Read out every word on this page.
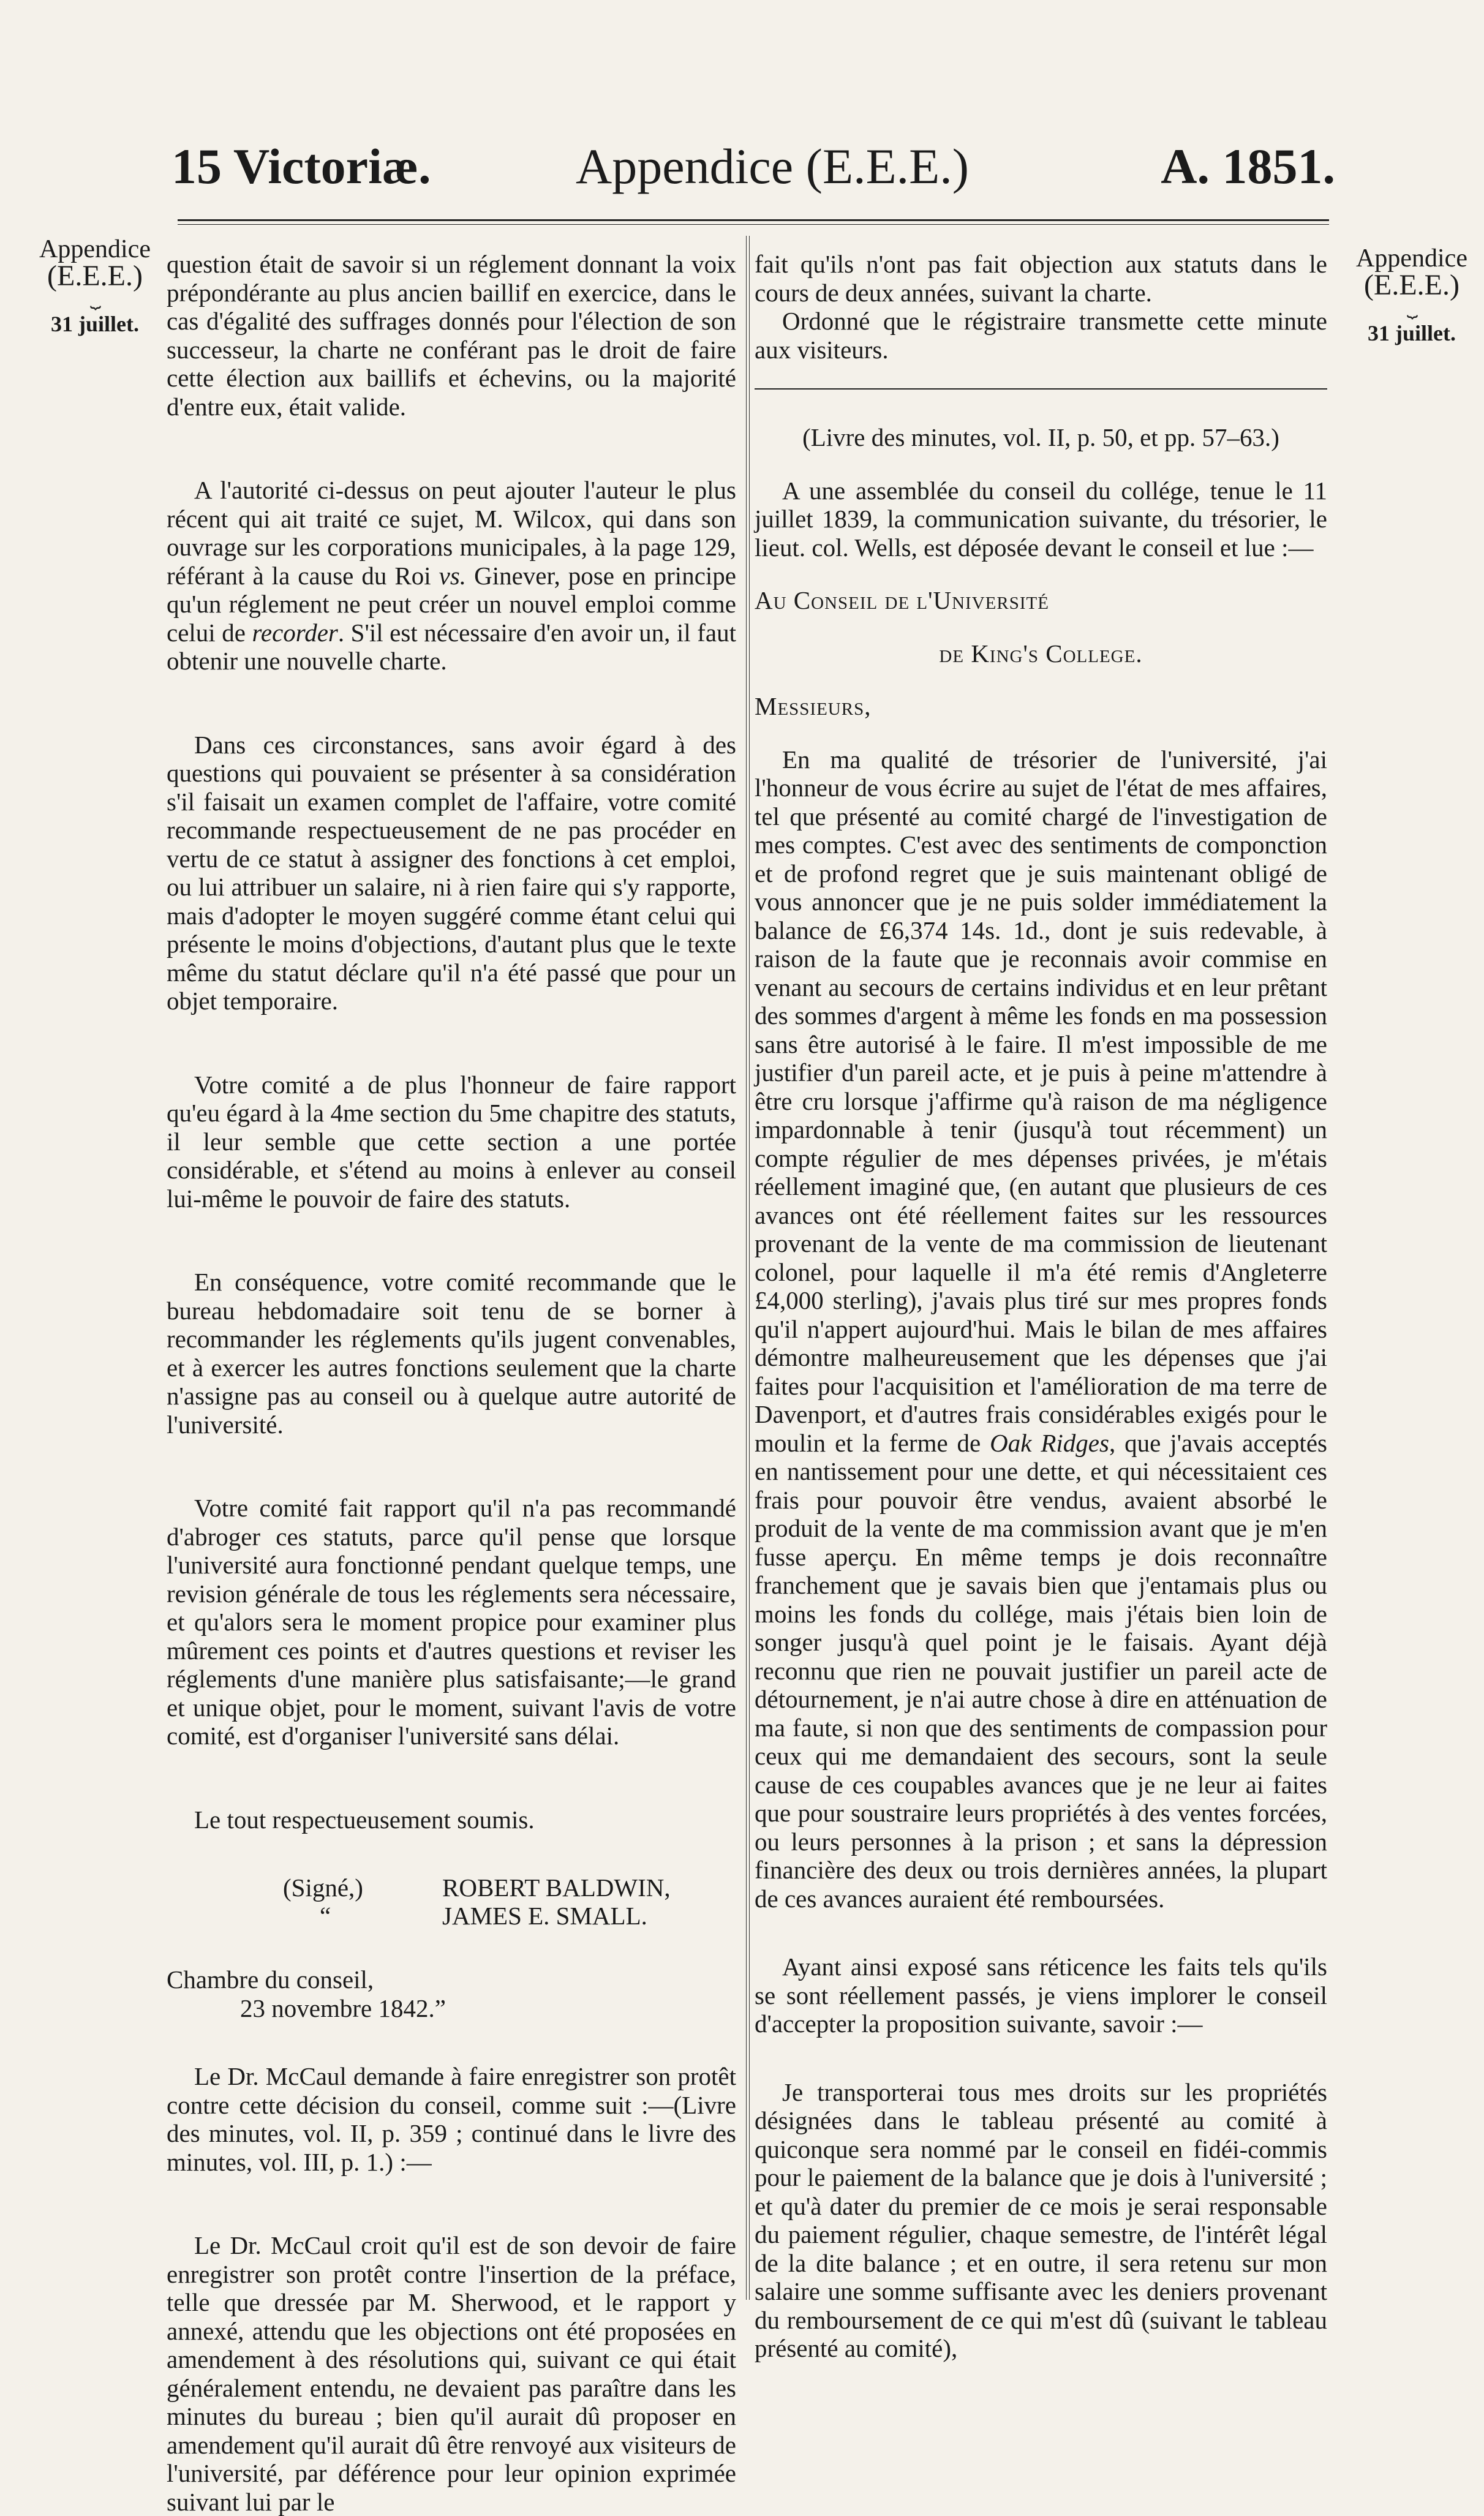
15 Victoriæ.	Appendice (E.E.E.)	A. 1851.
Appendice
(E.E.E.)
⏟
31 juillet.
Appendice
(E.E.E.)
⏟
31 juillet.

question était de savoir si un réglement donnant la voix prépondérante au plus ancien baillif en exercice, dans le cas d'égalité des suffrages donnés pour l'élection de son successeur, la charte ne conférant pas le droit de faire cette élection aux baillifs et échevins, ou la majorité d'entre eux, était valide.

A l'autorité ci-dessus on peut ajouter l'auteur le plus récent qui ait traité ce sujet, M. Wilcox, qui dans son ouvrage sur les corporations municipales, à la page 129, référant à la cause du Roi vs. Ginever, pose en principe qu'un réglement ne peut créer un nouvel emploi comme celui de recorder. S'il est nécessaire d'en avoir un, il faut obtenir une nouvelle charte.

Dans ces circonstances, sans avoir égard à des questions qui pouvaient se présenter à sa considération s'il faisait un examen complet de l'affaire, votre comité recommande respectueusement de ne pas procéder en vertu de ce statut à assigner des fonctions à cet emploi, ou lui attribuer un salaire, ni à rien faire qui s'y rapporte, mais d'adopter le moyen suggéré comme étant celui qui présente le moins d'objections, d'autant plus que le texte même du statut déclare qu'il n'a été passé que pour un objet temporaire.

Votre comité a de plus l'honneur de faire rapport qu'eu égard à la 4me section du 5me chapitre des statuts, il leur semble que cette section a une portée considérable, et s'étend au moins à enlever au conseil lui-même le pouvoir de faire des statuts.

En conséquence, votre comité recommande que le bureau hebdomadaire soit tenu de se borner à recommander les réglements qu'ils jugent convenables, et à exercer les autres fonctions seulement que la charte n'assigne pas au conseil ou à quelque autre autorité de l'université.

Votre comité fait rapport qu'il n'a pas recommandé d'abroger ces statuts, parce qu'il pense que lorsque l'université aura fonctionné pendant quelque temps, une revision générale de tous les réglements sera nécessaire, et qu'alors sera le moment propice pour examiner plus mûrement ces points et d'autres questions et reviser les réglements d'une manière plus satisfaisante;—le grand et unique objet, pour le moment, suivant l'avis de votre comité, est d'organiser l'université sans délai.

Le tout respectueusement soumis.

(Signé,)
“
ROBERT BALDWIN,
JAMES E. SMALL.

Chambre du conseil,

23 novembre 1842.”

Le Dr. McCaul demande à faire enregistrer son protêt contre cette décision du conseil, comme suit :—(Livre des minutes, vol. II, p. 359 ; continué dans le livre des minutes, vol. III, p. 1.) :—

Le Dr. McCaul croit qu'il est de son devoir de faire enregistrer son protêt contre l'insertion de la préface, telle que dressée par M. Sherwood, et le rapport y annexé, attendu que les objections ont été proposées en amendement à des résolutions qui, suivant ce qui était généralement entendu, ne devaient pas paraître dans les minutes du bureau ; bien qu'il aurait dû proposer en amendement qu'il aurait dû être renvoyé aux visiteurs de l'université, par déférence pour leur opinion exprimée suivant lui par le

fait qu'ils n'ont pas fait objection aux statuts dans le cours de deux années, suivant la charte.

Ordonné que le régistraire transmette cette minute aux visiteurs.

(Livre des minutes, vol. II, p. 50, et pp. 57–63.)

A une assemblée du conseil du collége, tenue le 11 juillet 1839, la communication suivante, du trésorier, le lieut. col. Wells, est déposée devant le conseil et lue :—

Au Conseil de l'Université

de King's College.

Messieurs,

En ma qualité de trésorier de l'université, j'ai l'honneur de vous écrire au sujet de l'état de mes affaires, tel que présenté au comité chargé de l'investigation de mes comptes. C'est avec des sentiments de componction et de profond regret que je suis maintenant obligé de vous annoncer que je ne puis solder immédiatement la balance de £6,374 14s. 1d., dont je suis redevable, à raison de la faute que je reconnais avoir commise en venant au secours de certains individus et en leur prêtant des sommes d'argent à même les fonds en ma possession sans être autorisé à le faire. Il m'est impossible de me justifier d'un pareil acte, et je puis à peine m'attendre à être cru lorsque j'affirme qu'à raison de ma négligence impardonnable à tenir (jusqu'à tout récemment) un compte régulier de mes dépenses privées, je m'étais réellement imaginé que, (en autant que plusieurs de ces avances ont été réellement faites sur les ressources provenant de la vente de ma commission de lieutenant colonel, pour laquelle il m'a été remis d'Angleterre £4,000 sterling), j'avais plus tiré sur mes propres fonds qu'il n'appert aujourd'hui. Mais le bilan de mes affaires démontre malheureusement que les dépenses que j'ai faites pour l'acquisition et l'amélioration de ma terre de Davenport, et d'autres frais considérables exigés pour le moulin et la ferme de Oak Ridges, que j'avais acceptés en nantissement pour une dette, et qui nécessitaient ces frais pour pouvoir être vendus, avaient absorbé le produit de la vente de ma commission avant que je m'en fusse aperçu. En même temps je dois reconnaître franchement que je savais bien que j'entamais plus ou moins les fonds du collége, mais j'étais bien loin de songer jusqu'à quel point je le faisais. Ayant déjà reconnu que rien ne pouvait justifier un pareil acte de détournement, je n'ai autre chose à dire en atténuation de ma faute, si non que des sentiments de compassion pour ceux qui me demandaient des secours, sont la seule cause de ces coupables avances que je ne leur ai faites que pour soustraire leurs propriétés à des ventes forcées, ou leurs personnes à la prison ; et sans la dépression financière des deux ou trois dernières années, la plupart de ces avances auraient été remboursées.

Ayant ainsi exposé sans réticence les faits tels qu'ils se sont réellement passés, je viens implorer le conseil d'accepter la proposition suivante, savoir :—

Je transporterai tous mes droits sur les propriétés désignées dans le tableau présenté au comité à quiconque sera nommé par le conseil en fidéi-commis pour le paiement de la balance que je dois à l'université ; et qu'à dater du premier de ce mois je serai responsable du paiement régulier, chaque semestre, de l'intérêt légal de la dite balance ; et en outre, il sera retenu sur mon salaire une somme suffisante avec les deniers provenant du remboursement de ce qui m'est dû (suivant le tableau présenté au comité),
